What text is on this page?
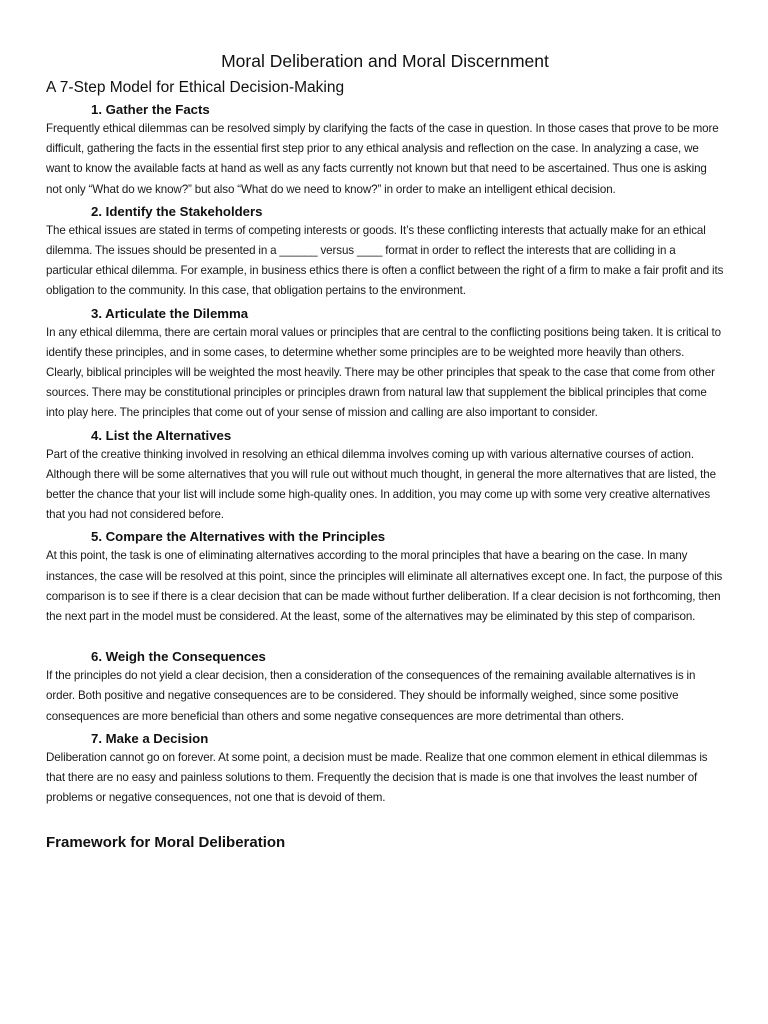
Moral Deliberation and Moral Discernment
A 7-Step Model for Ethical Decision-Making
1. Gather the Facts

Frequently ethical dilemmas can be resolved simply by clarifying the facts of the case in question. In those cases that prove to be more difficult, gathering the facts in the essential first step prior to any ethical analysis and reflection on the case. In analyzing a case, we want to know the available facts at hand as well as any facts currently not known but that need to be ascertained. Thus one is asking not only “What do we know?” but also “What do we need to know?” in order to make an intelligent ethical decision.

2. Identify the Stakeholders

The ethical issues are stated in terms of competing interests or goods. It’s these conflicting interests that actually make for an ethical dilemma. The issues should be presented in a ______ versus ____ format in order to reflect the interests that are colliding in a particular ethical dilemma. For example, in business ethics there is often a conflict between the right of a firm to make a fair profit and its obligation to the community. In this case, that obligation pertains to the environment.

3. Articulate the Dilemma

In any ethical dilemma, there are certain moral values or principles that are central to the conflicting positions being taken. It is critical to identify these principles, and in some cases, to determine whether some principles are to be weighted more heavily than others. Clearly, biblical principles will be weighted the most heavily. There may be other principles that speak to the case that come from other sources. There may be constitutional principles or principles drawn from natural law that supplement the biblical principles that come into play here. The principles that come out of your sense of mission and calling are also important to consider.

4. List the Alternatives

Part of the creative thinking involved in resolving an ethical dilemma involves coming up with various alternative courses of action. Although there will be some alternatives that you will rule out without much thought, in general the more alternatives that are listed, the better the chance that your list will include some high-quality ones. In addition, you may come up with some very creative alternatives that you had not considered before.

5. Compare the Alternatives with the Principles

At this point, the task is one of eliminating alternatives according to the moral principles that have a bearing on the case. In many instances, the case will be resolved at this point, since the principles will eliminate all alternatives except one. In fact, the purpose of this comparison is to see if there is a clear decision that can be made without further deliberation. If a clear decision is not forthcoming, then the next part in the model must be considered. At the least, some of the alternatives may be eliminated by this step of comparison.

6. Weigh the Consequences

If the principles do not yield a clear decision, then a consideration of the consequences of the remaining available alternatives is in order. Both positive and negative consequences are to be considered. They should be informally weighed, since some positive consequences are more beneficial than others and some negative consequences are more detrimental than others.

7. Make a Decision

Deliberation cannot go on forever. At some point, a decision must be made. Realize that one common element in ethical dilemmas is that there are no easy and painless solutions to them. Frequently the decision that is made is one that involves the least number of problems or negative consequences, not one that is devoid of them.

Framework for Moral Deliberation
